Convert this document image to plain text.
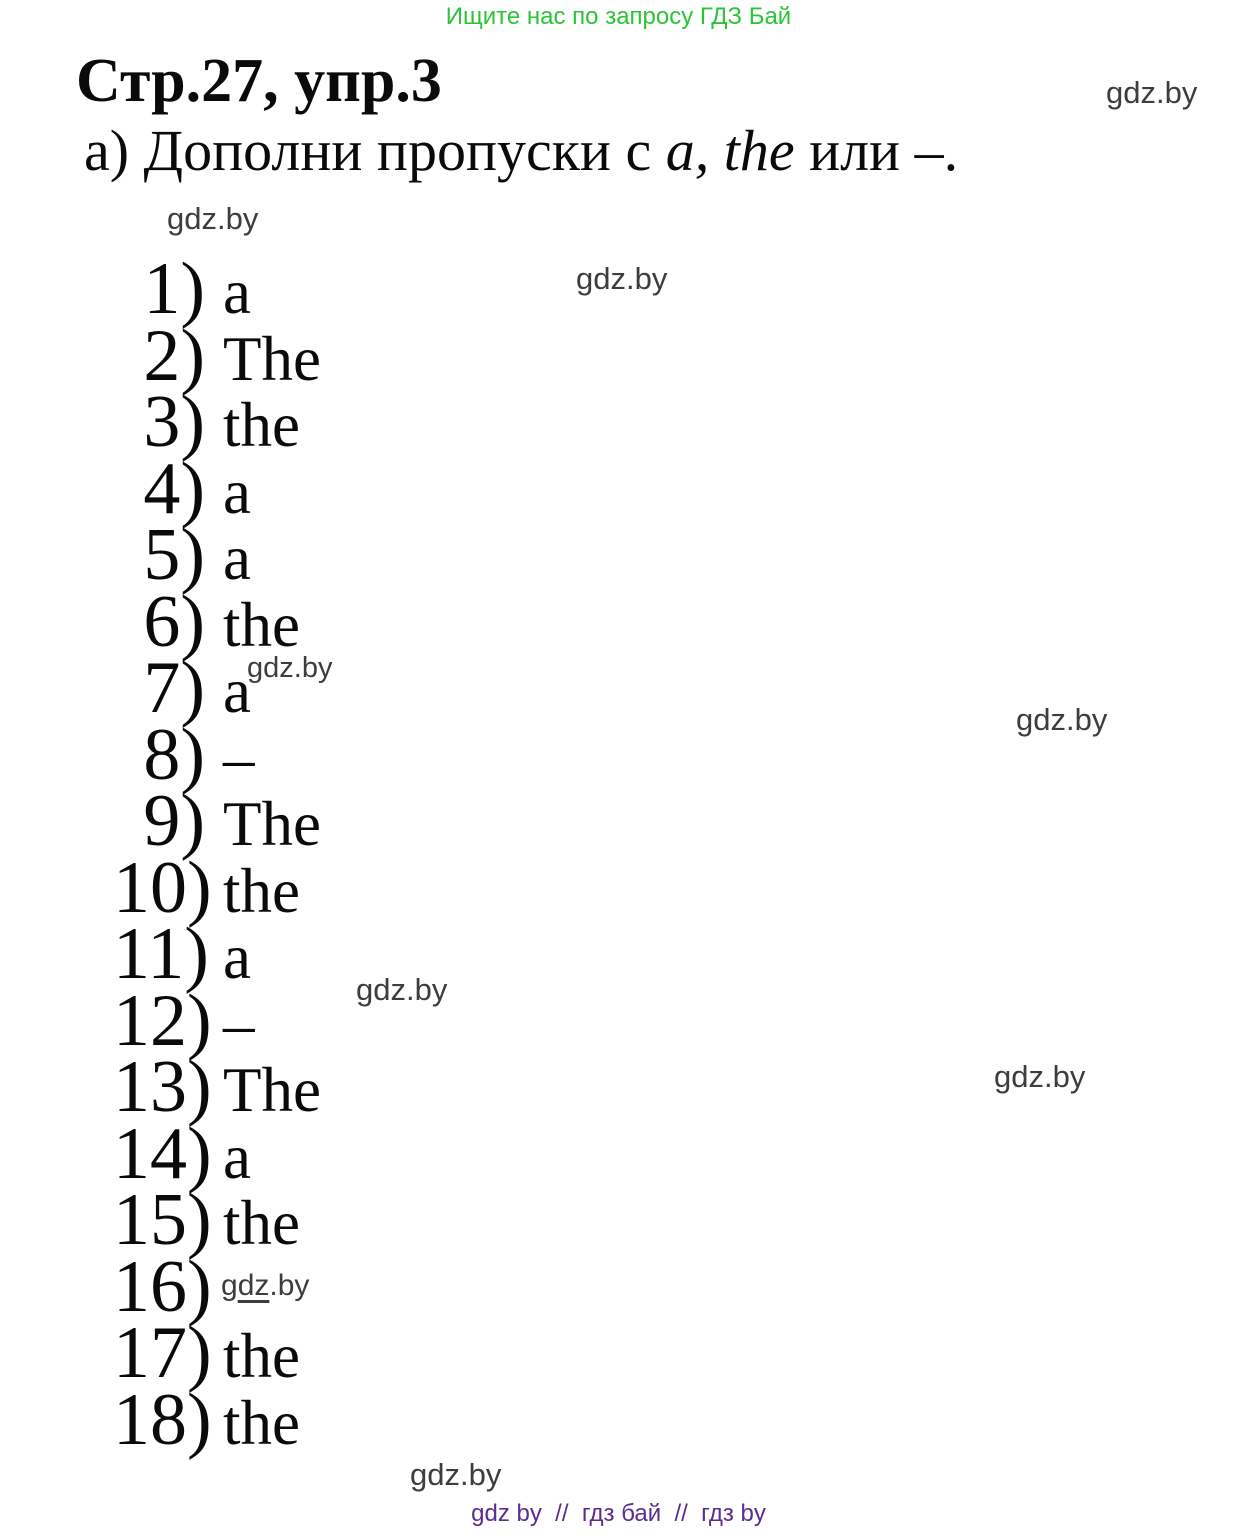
Ищите нас по запросу ГДЗ Бай
gdz.by
Стр.27, упр.3

а) Дополни пропуски с a, the или –.

gdz.by
gdz.by
gdz.by
gdz.by
gdz.by
gdz.by
gdz.by
1) a
2) The
3) the
4) a
5) a
6) the
7) a
8) –
9) The
10) the
11) a
12) –
13) The
14) a
15) the
16) gdz.by
17) the
18) the
gdz by  //  гдз бай  //  гдз by
